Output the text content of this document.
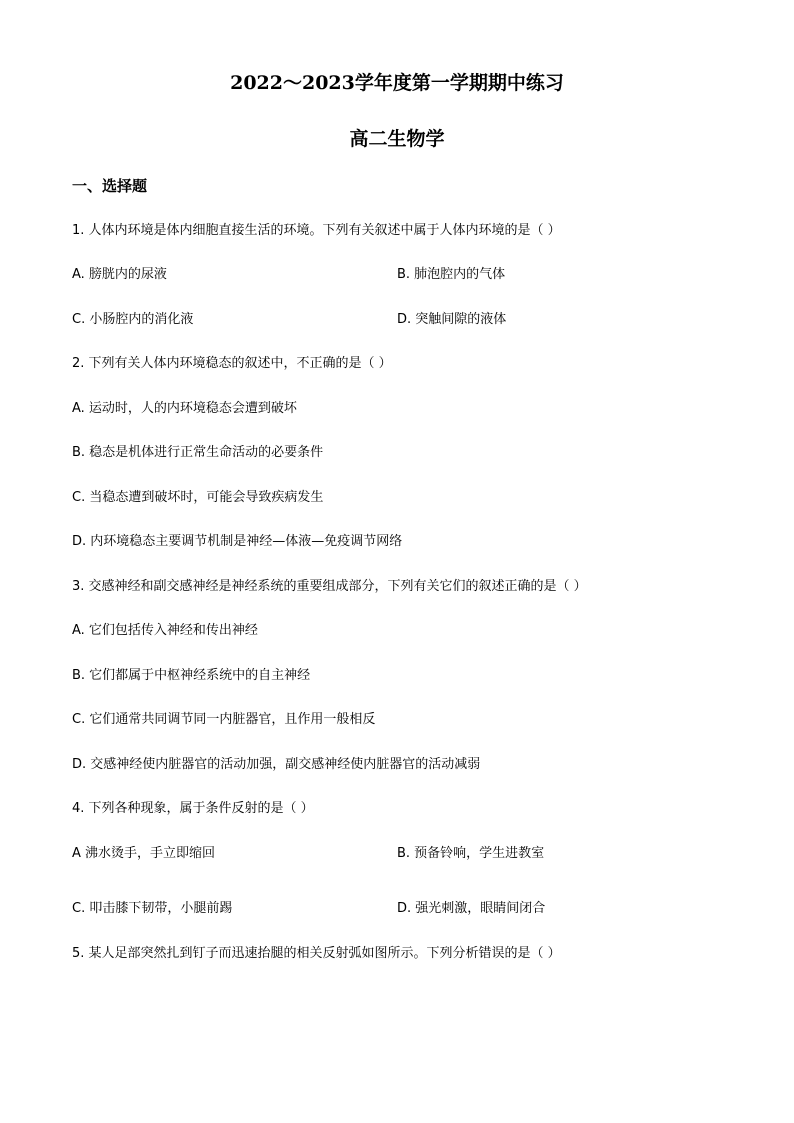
2022～2023学年度第一学期期中练习
高二生物学
一、选择题
1. 人体内环境是体内细胞直接生活的环境。下列有关叙述中属于人体内环境的是（ ）
A. 膀胱内的尿液	B. 肺泡腔内的气体
C. 小肠腔内的消化液	D. 突触间隙的液体
2. 下列有关人体内环境稳态的叙述中，不正确的是（ ）
A. 运动时，人的内环境稳态会遭到破坏
B. 稳态是机体进行正常生命活动的必要条件
C. 当稳态遭到破坏时，可能会导致疾病发生
D. 内环境稳态主要调节机制是神经—体液—免疫调节网络
3. 交感神经和副交感神经是神经系统的重要组成部分，下列有关它们的叙述正确的是（ ）
A. 它们包括传入神经和传出神经
B. 它们都属于中枢神经系统中的自主神经
C. 它们通常共同调节同一内脏器官，且作用一般相反
D. 交感神经使内脏器官的活动加强，副交感神经使内脏器官的活动减弱
4. 下列各种现象，属于条件反射的是（ ）
A 沸水烫手，手立即缩回	B. 预备铃响，学生进教室
C. 叩击膝下韧带，小腿前踢	D. 强光刺激，眼睛间闭合
5. 某人足部突然扎到钉子而迅速抬腿的相关反射弧如图所示。下列分析错误的是（ ）
